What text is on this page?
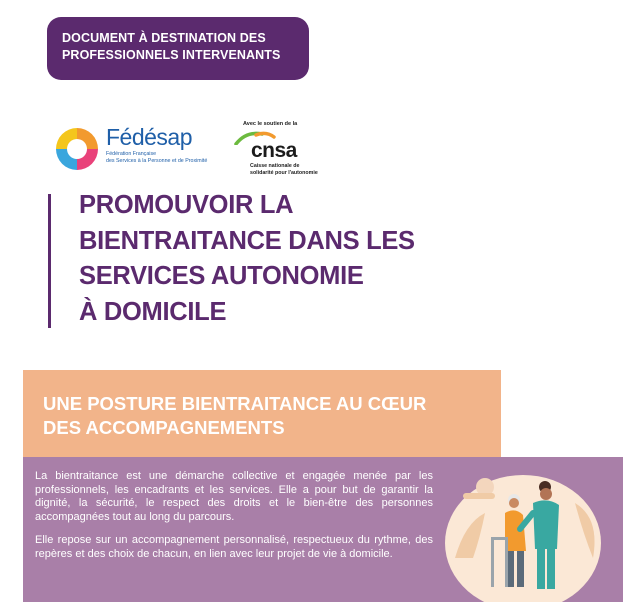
DOCUMENT À DESTINATION DES
PROFESSIONNELS INTERVENANTS
Fédésap
Fédération Française
des Services à la Personne et de Proximité
Avec le soutien de la
cnsa
Caisse nationale de
solidarité pour l'autonomie
PROMOUVOIR LA
BIENTRAITANCE DANS LES
SERVICES AUTONOMIE
À DOMICILE
UNE POSTURE BIENTRAITANCE AU CŒUR
DES ACCOMPAGNEMENTS

La bientraitance est une démarche collective et engagée menée par les professionnels, les encadrants et les services. Elle a pour but de garantir la dignité, la sécurité, le respect des droits et le bien-être des personnes accompagnées tout au long du parcours.

Elle repose sur un accompagnement personnalisé, respectueux du rythme, des repères et des choix de chacun, en lien avec leur projet de vie à domicile.
